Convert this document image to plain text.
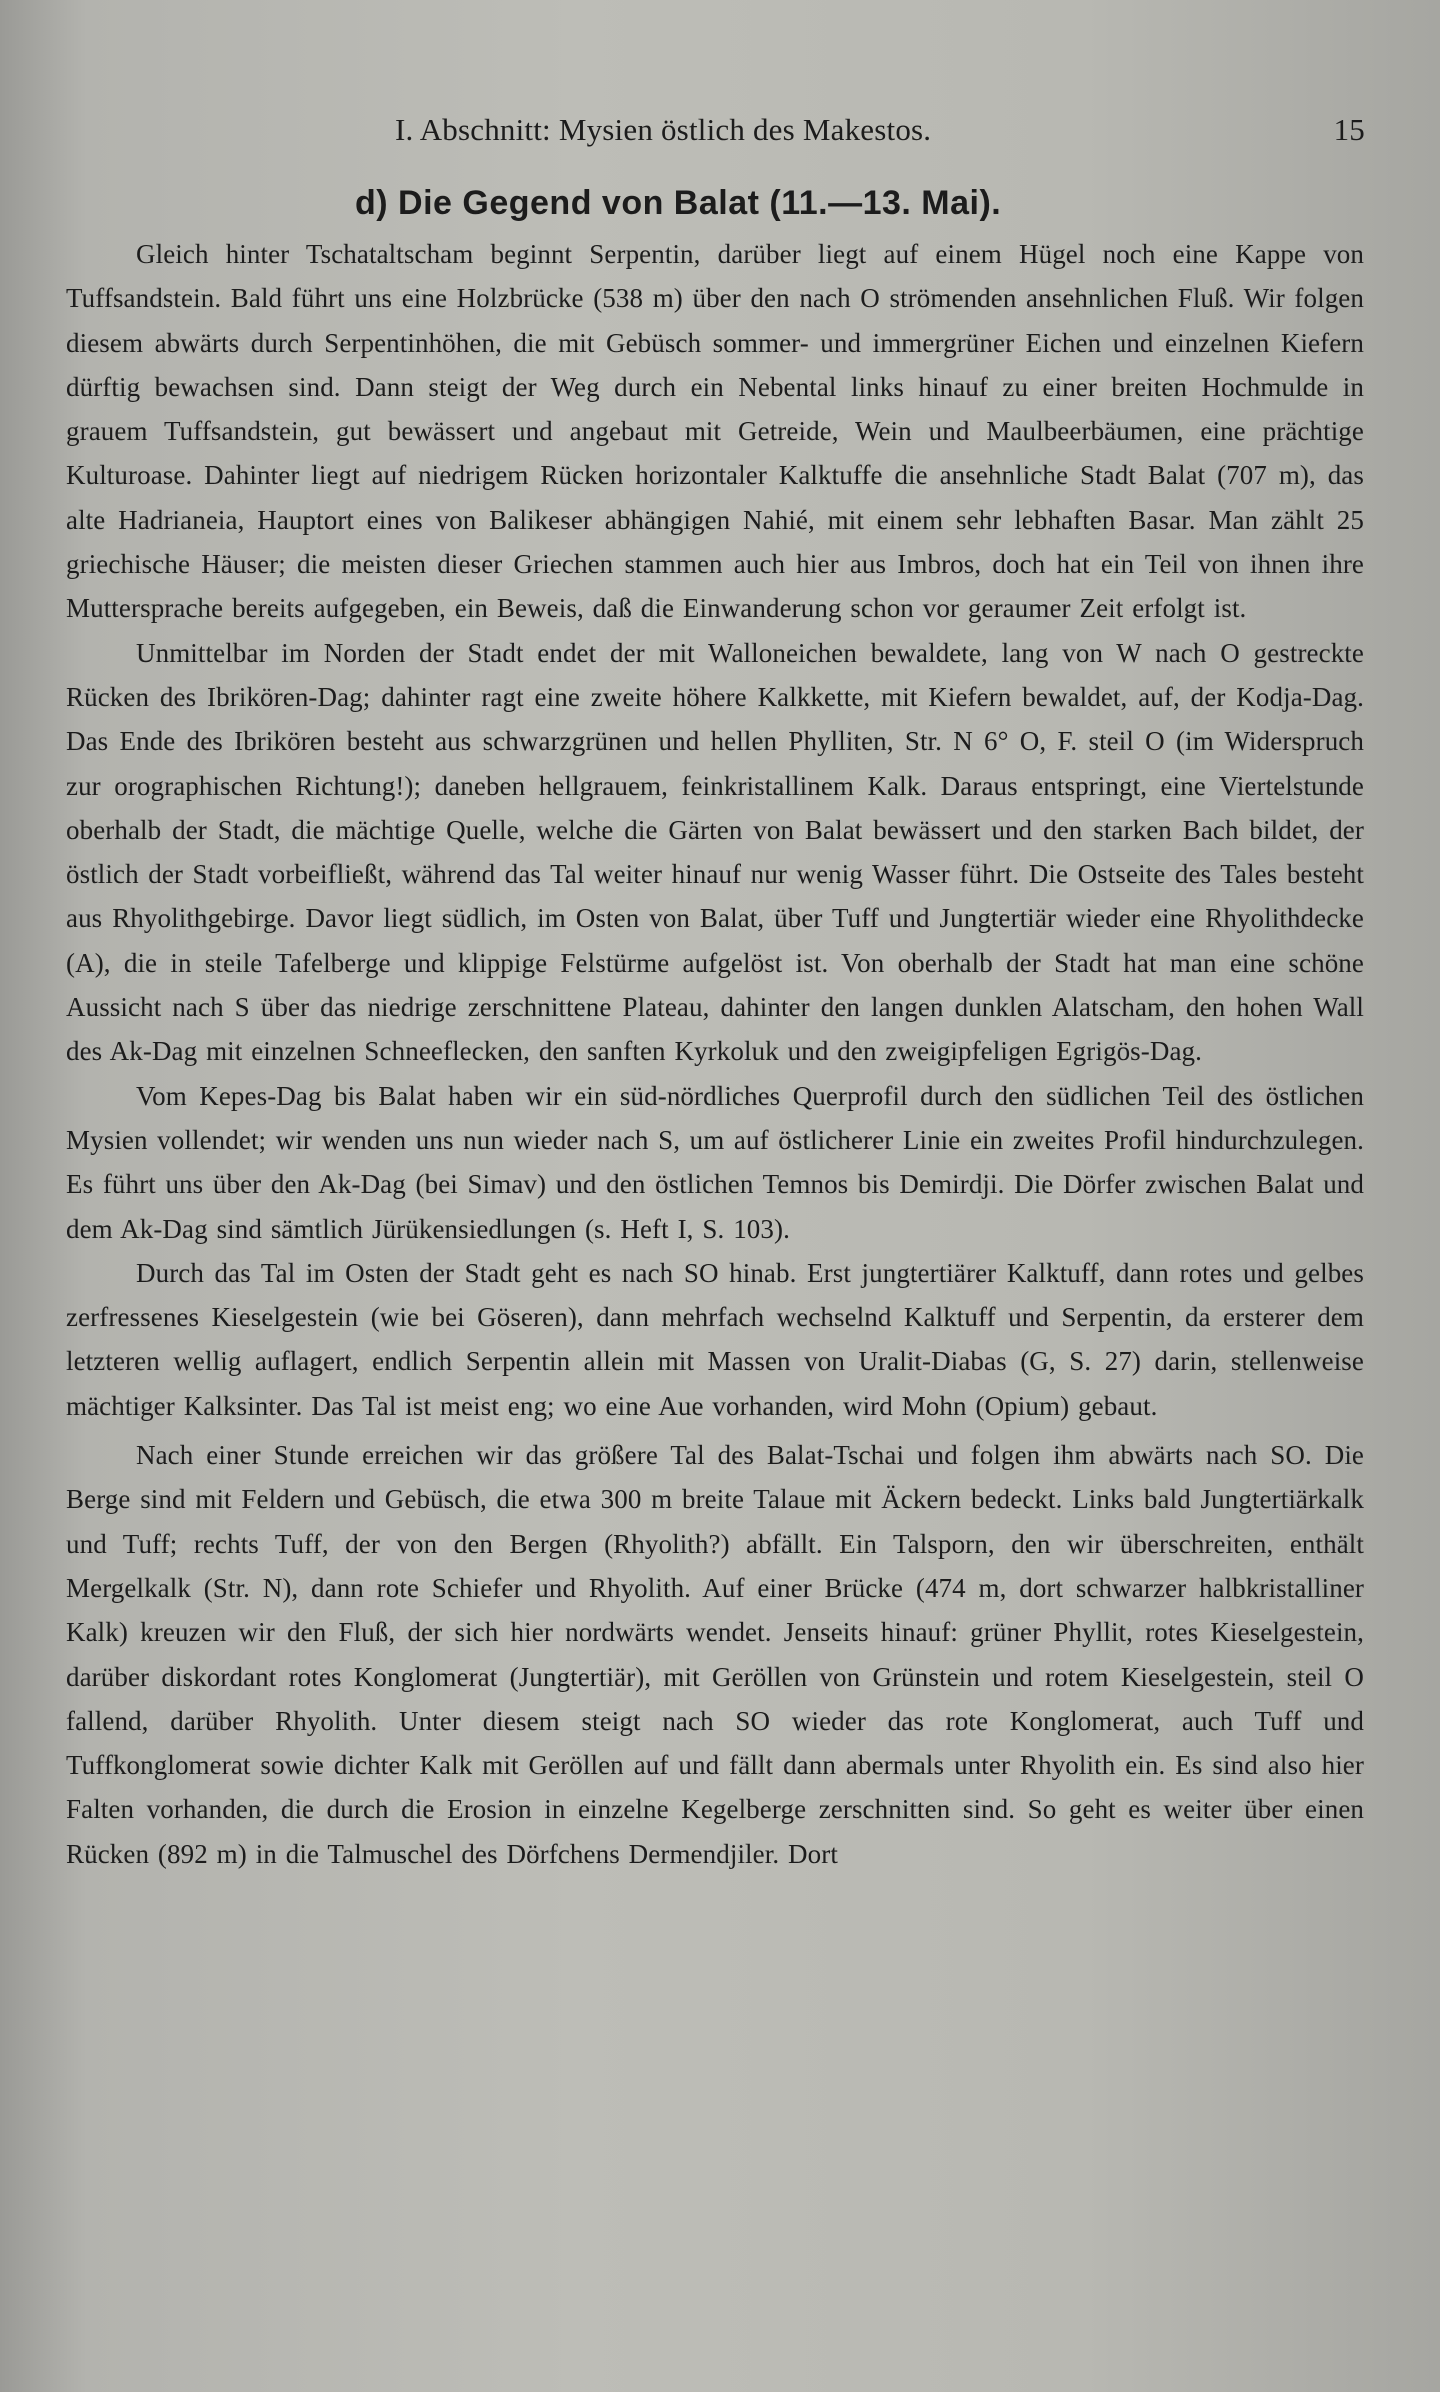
I. Abschnitt: Mysien östlich des Makestos.	15
d) Die Gegend von Balat (11.—13. Mai).

Gleich hinter Tschataltscham beginnt Serpentin, darüber liegt auf einem Hügel noch eine Kappe von Tuffsandstein. Bald führt uns eine Holzbrücke (538 m) über den nach O strömenden ansehnlichen Fluß. Wir folgen diesem abwärts durch Serpentinhöhen, die mit Gebüsch sommer- und immergrüner Eichen und einzelnen Kiefern dürftig bewachsen sind. Dann steigt der Weg durch ein Nebental links hinauf zu einer breiten Hochmulde in grauem Tuffsandstein, gut bewässert und angebaut mit Getreide, Wein und Maulbeerbäumen, eine prächtige Kulturoase. Dahinter liegt auf niedrigem Rücken horizontaler Kalktuffe die ansehnliche Stadt Balat (707 m), das alte Hadrianeia, Hauptort eines von Balikeser abhängigen Nahié, mit einem sehr lebhaften Basar. Man zählt 25 griechische Häuser; die meisten dieser Griechen stammen auch hier aus Imbros, doch hat ein Teil von ihnen ihre Muttersprache bereits aufgegeben, ein Beweis, daß die Einwanderung schon vor geraumer Zeit erfolgt ist.

Unmittelbar im Norden der Stadt endet der mit Walloneichen bewaldete, lang von W nach O gestreckte Rücken des Ibrikören-Dag; dahinter ragt eine zweite höhere Kalkkette, mit Kiefern bewaldet, auf, der Kodja-Dag. Das Ende des Ibrikören besteht aus schwarzgrünen und hellen Phylliten, Str. N 6° O, F. steil O (im Widerspruch zur orographischen Richtung!); daneben hellgrauem, feinkristallinem Kalk. Daraus entspringt, eine Viertelstunde oberhalb der Stadt, die mächtige Quelle, welche die Gärten von Balat bewässert und den starken Bach bildet, der östlich der Stadt vorbeifließt, während das Tal weiter hinauf nur wenig Wasser führt. Die Ostseite des Tales besteht aus Rhyolithgebirge. Davor liegt südlich, im Osten von Balat, über Tuff und Jungtertiär wieder eine Rhyolithdecke (A), die in steile Tafelberge und klippige Felstürme aufgelöst ist. Von oberhalb der Stadt hat man eine schöne Aussicht nach S über das niedrige zerschnittene Plateau, dahinter den langen dunklen Alatscham, den hohen Wall des Ak-Dag mit einzelnen Schneeflecken, den sanften Kyrkoluk und den zweigipfeligen Egrigös-Dag.

Vom Kepes-Dag bis Balat haben wir ein süd-nördliches Querprofil durch den südlichen Teil des östlichen Mysien vollendet; wir wenden uns nun wieder nach S, um auf östlicherer Linie ein zweites Profil hindurchzulegen. Es führt uns über den Ak-Dag (bei Simav) und den östlichen Temnos bis Demirdji. Die Dörfer zwischen Balat und dem Ak-Dag sind sämtlich Jürükensiedlungen (s. Heft I, S. 103).

Durch das Tal im Osten der Stadt geht es nach SO hinab. Erst jungtertiärer Kalktuff, dann rotes und gelbes zerfressenes Kieselgestein (wie bei Göseren), dann mehrfach wechselnd Kalktuff und Serpentin, da ersterer dem letzteren wellig auflagert, endlich Serpentin allein mit Massen von Uralit-Diabas (G, S. 27) darin, stellenweise mächtiger Kalksinter. Das Tal ist meist eng; wo eine Aue vorhanden, wird Mohn (Opium) gebaut.

Nach einer Stunde erreichen wir das größere Tal des Balat-Tschai und folgen ihm abwärts nach SO. Die Berge sind mit Feldern und Gebüsch, die etwa 300 m breite Talaue mit Äckern bedeckt. Links bald Jungtertiärkalk und Tuff; rechts Tuff, der von den Bergen (Rhyolith?) abfällt. Ein Talsporn, den wir überschreiten, enthält Mergelkalk (Str. N), dann rote Schiefer und Rhyolith. Auf einer Brücke (474 m, dort schwarzer halbkristalliner Kalk) kreuzen wir den Fluß, der sich hier nordwärts wendet. Jenseits hinauf: grüner Phyllit, rotes Kieselgestein, darüber diskordant rotes Konglomerat (Jungtertiär), mit Geröllen von Grünstein und rotem Kieselgestein, steil O fallend, darüber Rhyolith. Unter diesem steigt nach SO wieder das rote Konglomerat, auch Tuff und Tuffkonglomerat sowie dichter Kalk mit Geröllen auf und fällt dann abermals unter Rhyolith ein. Es sind also hier Falten vorhanden, die durch die Erosion in einzelne Kegelberge zerschnitten sind. So geht es weiter über einen Rücken (892 m) in die Talmuschel des Dörfchens Dermendjiler. Dort
